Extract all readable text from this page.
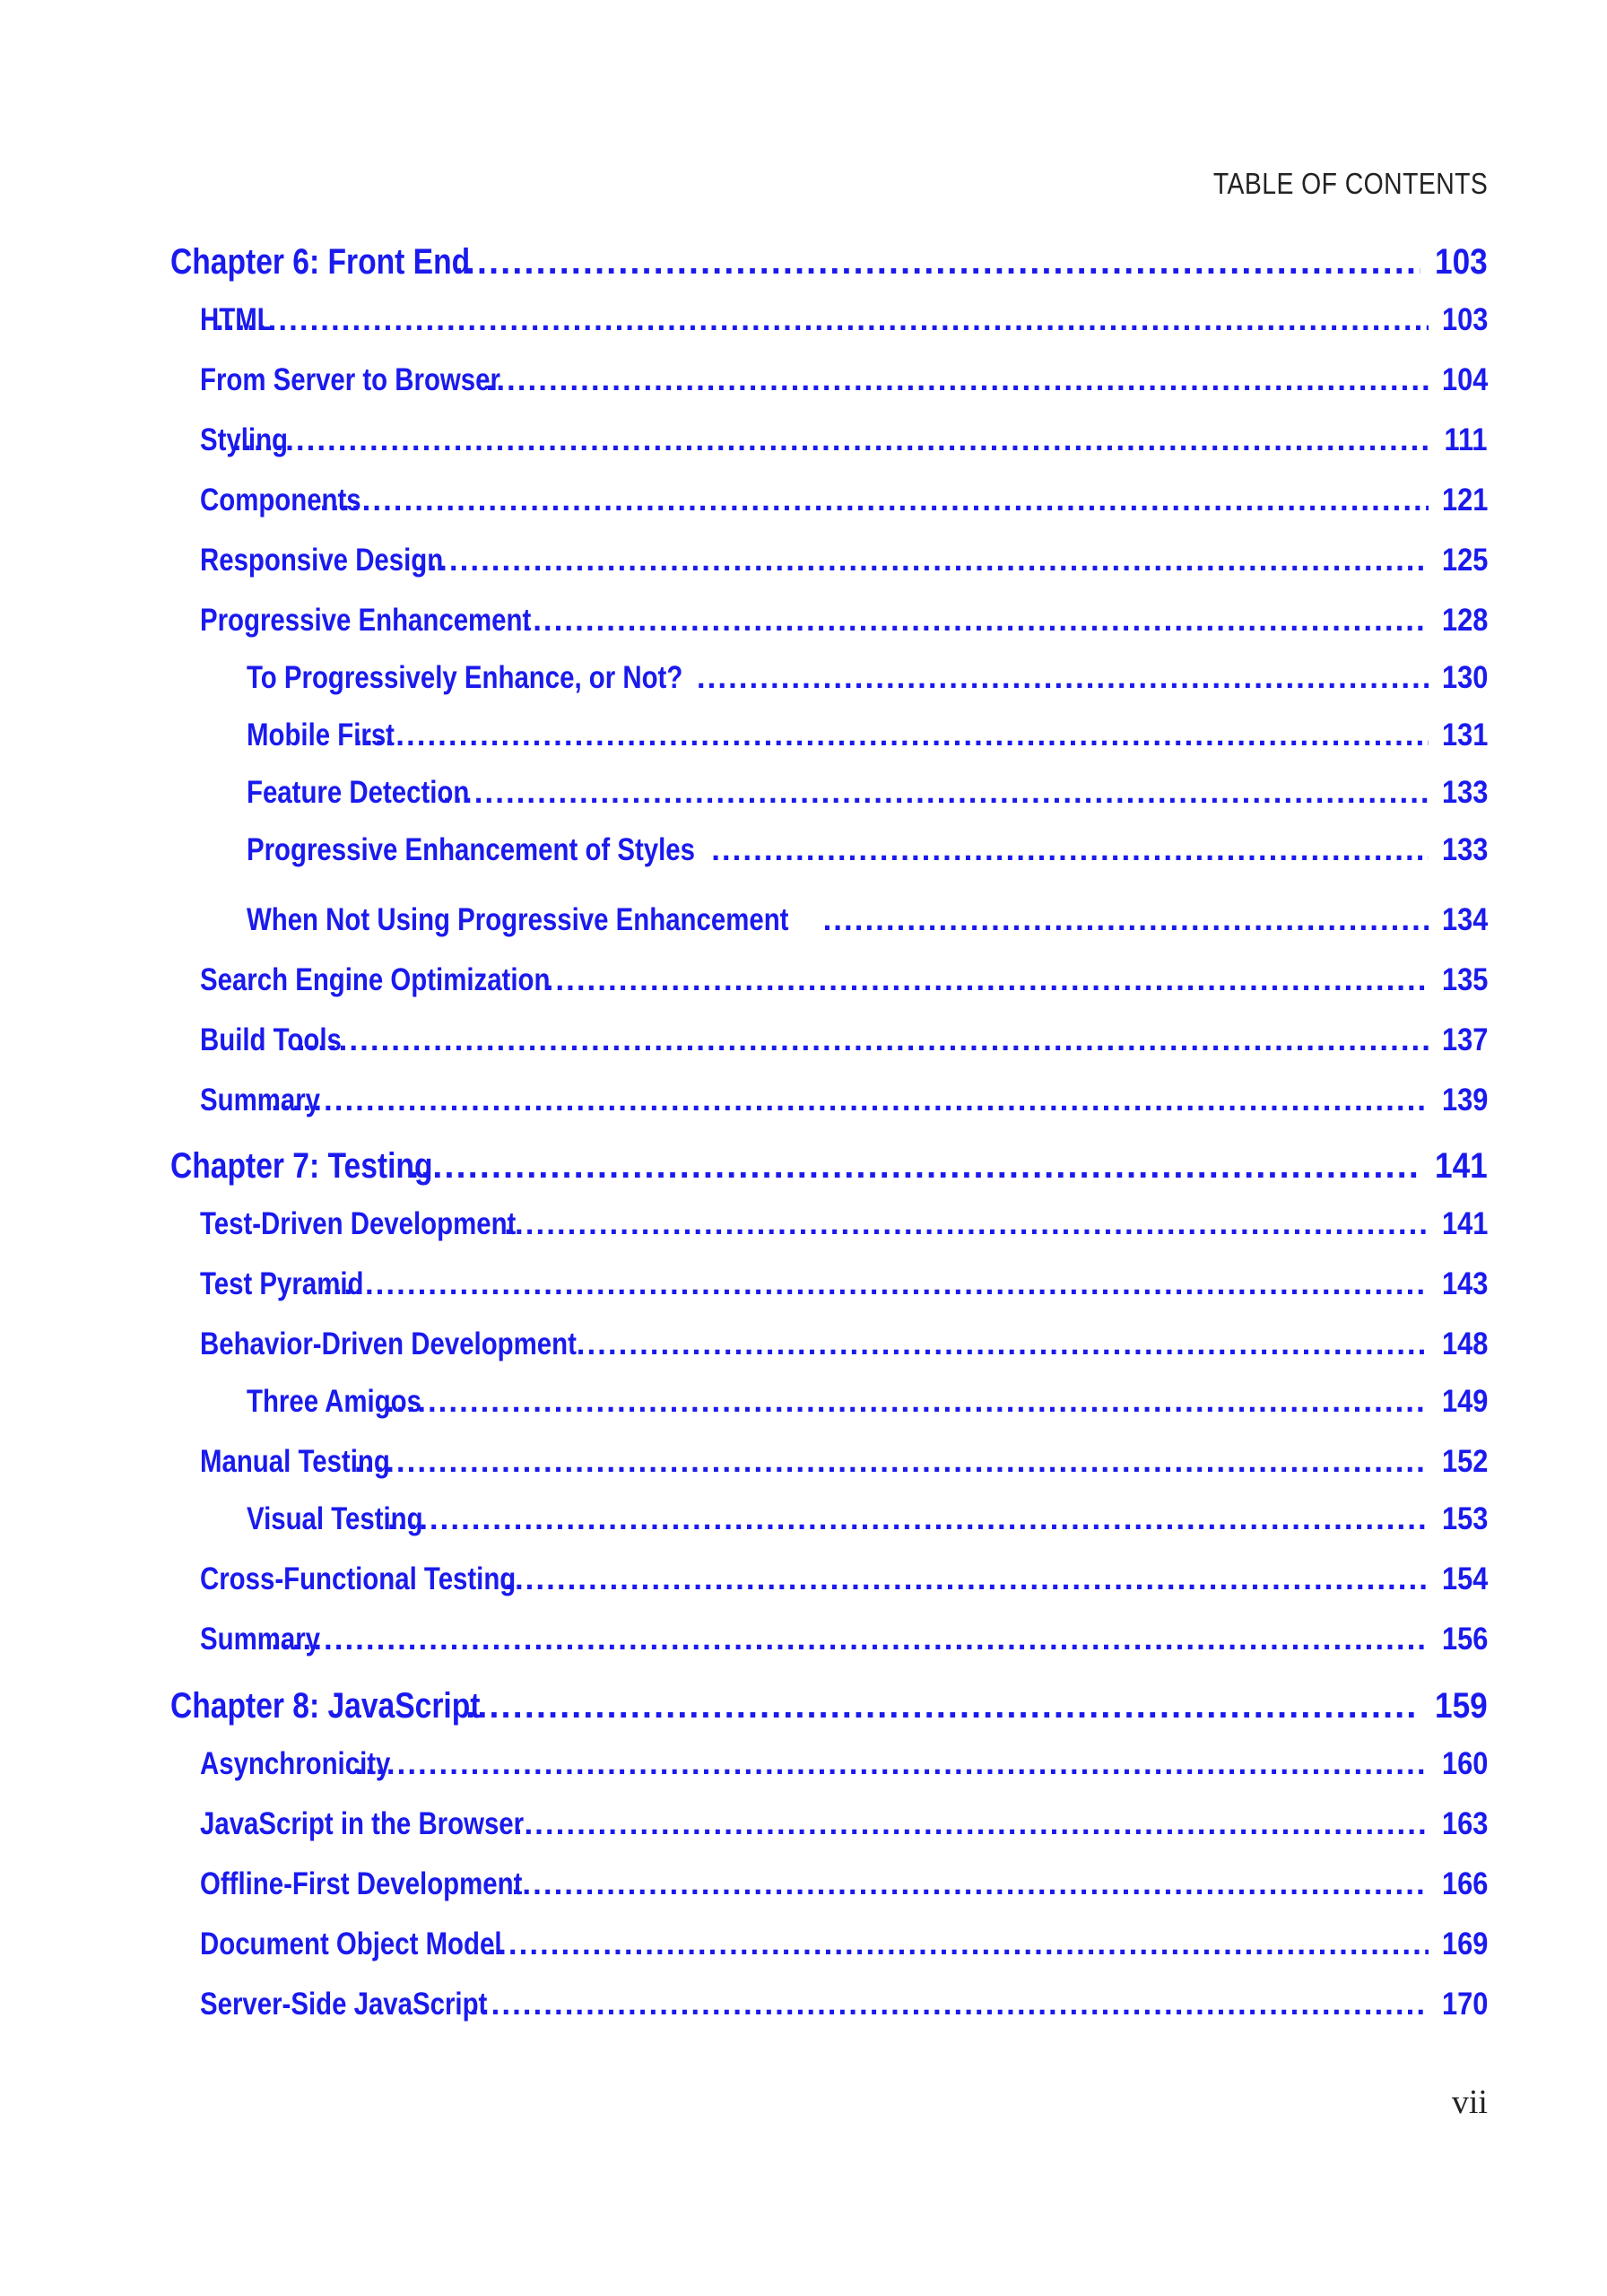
TABLE OF CONTENTS
Chapter 6: Front End .....	103
HTML .....	103
From Server to Browser .....	104
Styling .....	111
Components .....	121
Responsive Design .....	125
Progressive Enhancement .....	128
To Progressively Enhance, or Not? .....	130
Mobile First .....	131
Feature Detection .....	133
Progressive Enhancement of Styles .....	133
When Not Using Progressive Enhancement .....	134
Search Engine Optimization .....	135
Build Tools .....	137
Summary .....	139
Chapter 7: Testing .....	141
Test-Driven Development .....	141
Test Pyramid .....	143
Behavior-Driven Development .....	148
Three Amigos .....	149
Manual Testing .....	152
Visual Testing .....	153
Cross-Functional Testing .....	154
Summary .....	156
Chapter 8: JavaScript .....	159
Asynchronicity .....	160
JavaScript in the Browser .....	163
Offline-First Development .....	166
Document Object Model .....	169
Server-Side JavaScript .....	170
vii
